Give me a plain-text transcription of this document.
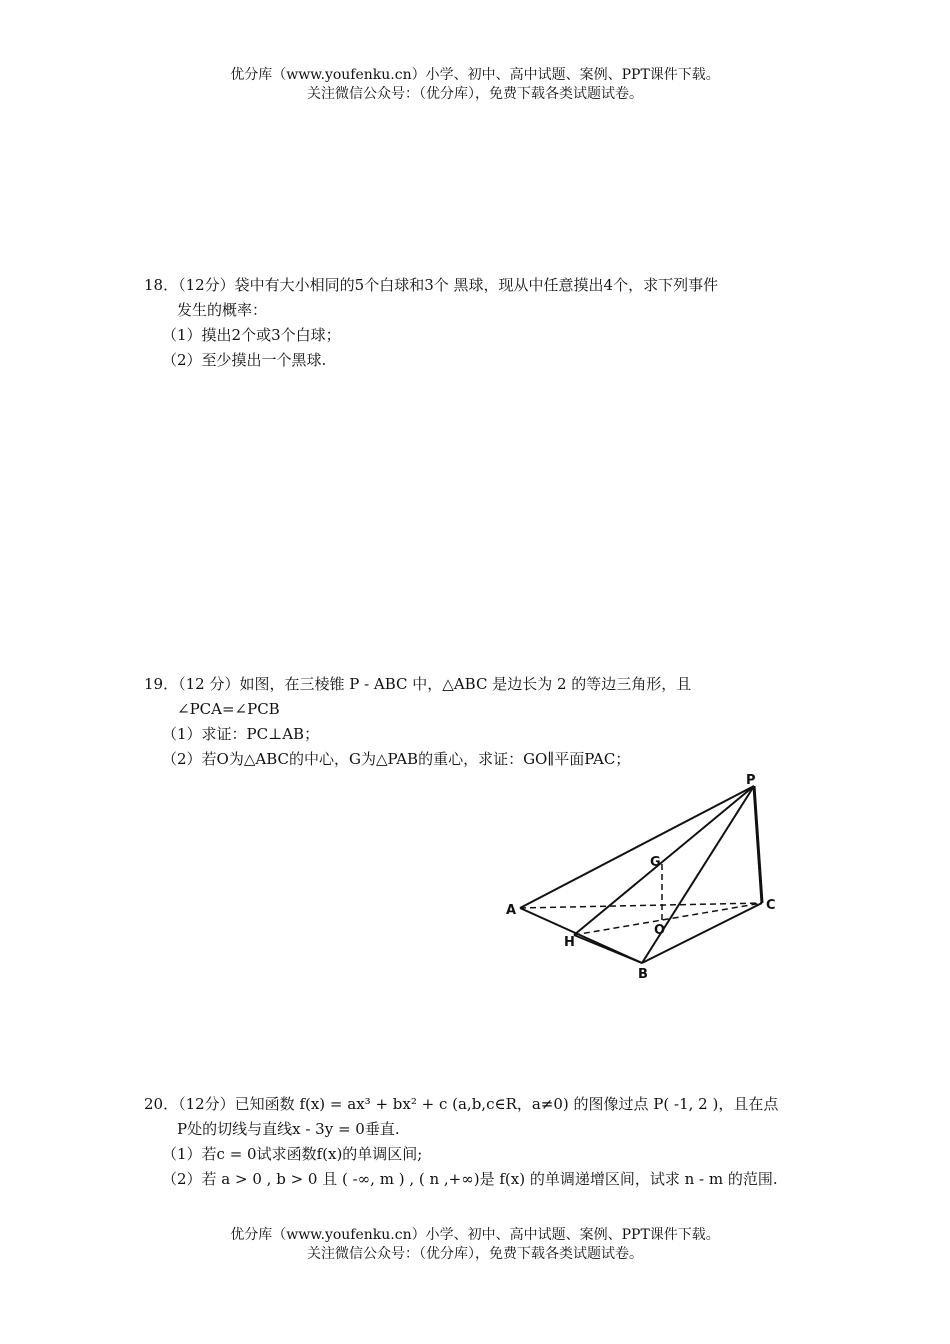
优分库（www.youfenku.cn）小学、初中、高中试题、案例、PPT课件下载。
关注微信公众号：（优分库），免费下载各类试题试卷。
18．（12分）袋中有大小相同的5个白球和3个 黑球，现从中任意摸出4个，求下列事件
发生的概率：
（1）摸出2个或3个白球；
（2）至少摸出一个黑球.
19．（12 分）如图，在三棱锥 P - ABC 中，△ABC 是边长为 2 的等边三角形，且
∠PCA=∠PCB
（1）求证：PC⊥AB；
（2）若O为△ABC的中心，G为△PAB的重心，求证：GO∥平面PAC；
P
A	C
B
G
H
O
20．（12分）已知函数 f(x) = ax³ + bx² + c (a,b,c∈R，a≠0) 的图像过点 P( -1, 2 )，且在点
P处的切线与直线x - 3y = 0垂直.
（1）若c = 0试求函数f(x)的单调区间;
（2）若 a > 0 , b > 0 且 ( -∞, m ) , ( n ,+∞)是 f(x) 的单调递增区间，试求 n - m 的范围.
优分库（www.youfenku.cn）小学、初中、高中试题、案例、PPT课件下载。
关注微信公众号：（优分库），免费下载各类试题试卷。
